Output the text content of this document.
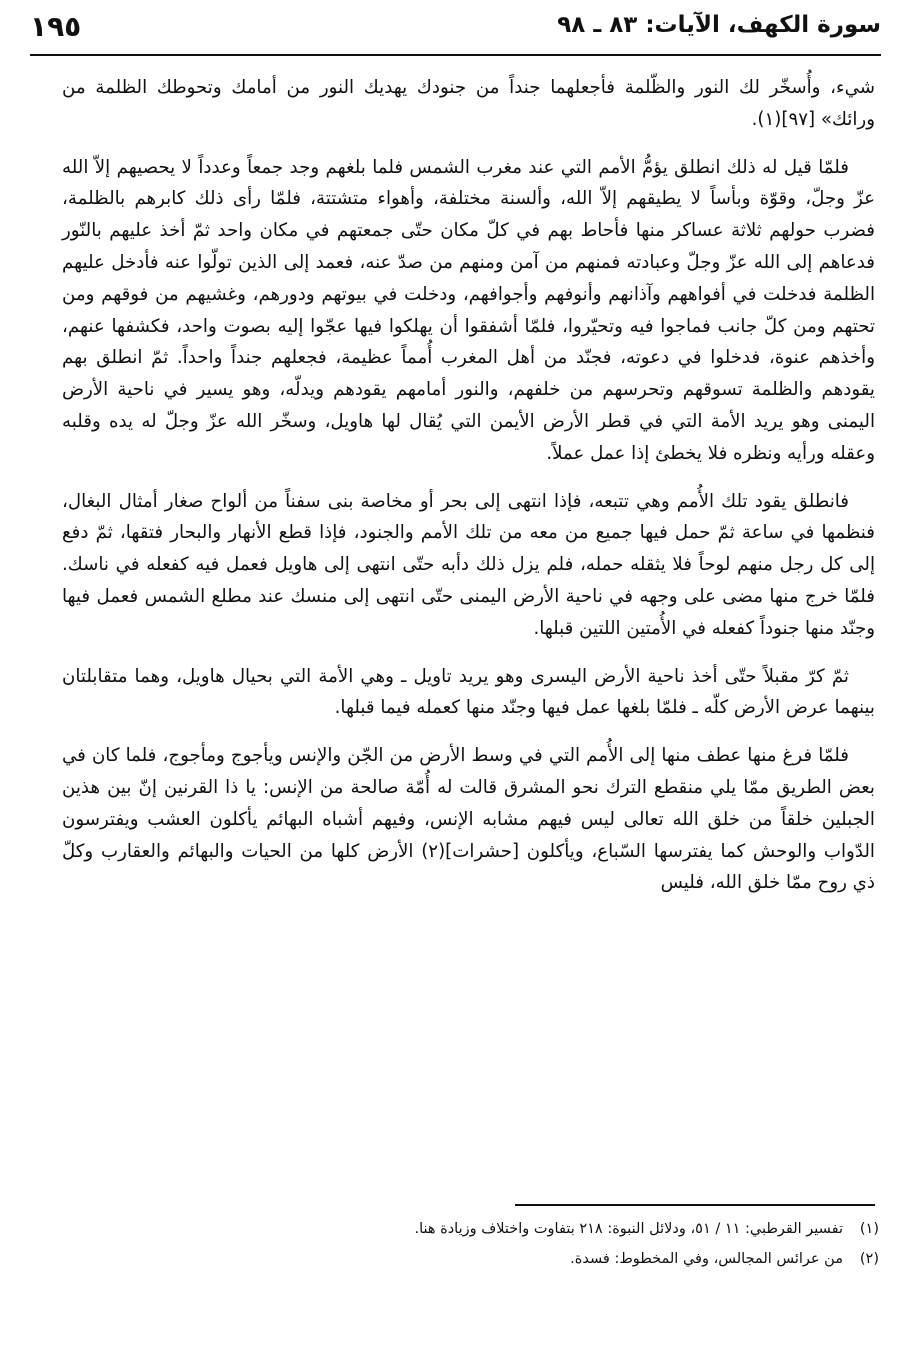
سورة الكهف، الآيات: ٨٣ ـ ٩٨
١٩٥

شيء، وأُسخّر لك النور والظّلمة فأجعلهما جنداً من جنودك يهديك النور من أمامك وتحوطك الظلمة من ورائك» [٩٧](١).

فلمّا قيل له ذلك انطلق يؤمُّ الأمم التي عند مغرب الشمس فلما بلغهم وجد جمعاً وعدداً لا يحصيهم إلاّ الله عزّ وجلّ، وقوّة وبأساً لا يطيقهم إلاّ الله، وألسنة مختلفة، وأهواء متشتتة، فلمّا رأى ذلك كابرهم بالظلمة، فضرب حولهم ثلاثة عساكر منها فأحاط بهم في كلّ مكان حتّى جمعتهم في مكان واحد ثمّ أخذ عليهم بالنّور فدعاهم إلى الله عزّ وجلّ وعبادته فمنهم من آمن ومنهم من صدّ عنه، فعمد إلى الذين تولّوا عنه فأدخل عليهم الظلمة فدخلت في أفواههم وآذانهم وأنوفهم وأجوافهم، ودخلت في بيوتهم ودورهم، وغشيهم من فوقهم ومن تحتهم ومن كلّ جانب فماجوا فيه وتحيّروا، فلمّا أشفقوا أن يهلكوا فيها عجّوا إليه بصوت واحد، فكشفها عنهم، وأخذهم عنوة، فدخلوا في دعوته، فجنّد من أهل المغرب أُمماً عظيمة، فجعلهم جنداً واحداً. ثمّ انطلق بهم يقودهم والظلمة تسوقهم وتحرسهم من خلفهم، والنور أمامهم يقودهم ويدلّه، وهو يسير في ناحية الأرض اليمنى وهو يريد الأمة التي في قطر الأرض الأيمن التي يُقال لها هاويل، وسخّر الله عزّ وجلّ له يده وقلبه وعقله ورأيه ونظره فلا يخطئ إذا عمل عملاً.

فانطلق يقود تلك الأُمم وهي تتبعه، فإذا انتهى إلى بحر أو مخاصة بنى سفناً من ألواح صغار أمثال البغال، فنظمها في ساعة ثمّ حمل فيها جميع من معه من تلك الأمم والجنود، فإذا قطع الأنهار والبحار فتقها، ثمّ دفع إلى كل رجل منهم لوحاً فلا يثقله حمله، فلم يزل ذلك دأبه حتّى انتهى إلى هاويل فعمل فيه كفعله في ناسك. فلمّا خرج منها مضى على وجهه في ناحية الأرض اليمنى حتّى انتهى إلى منسك عند مطلع الشمس فعمل فيها وجنّد منها جنوداً كفعله في الأُمتين اللتين قبلها.

ثمّ كرّ مقبلاً حتّى أخذ ناحية الأرض اليسرى وهو يريد تاويل ـ وهي الأمة التي بحيال هاويل، وهما متقابلتان بينهما عرض الأرض كلّه ـ فلمّا بلغها عمل فيها وجنّد منها كعمله فيما قبلها.

فلمّا فرغ منها عطف منها إلى الأُمم التي في وسط الأرض من الجّن والإنس ويأجوج ومأجوج، فلما كان في بعض الطريق ممّا يلي منقطع الترك نحو المشرق قالت له أُمّة صالحة من الإنس: يا ذا القرنين إنّ بين هذين الجبلين خلقاً من خلق الله تعالى ليس فيهم مشابه الإنس، وفيهم أشباه البهائم يأكلون العشب ويفترسون الدّواب والوحش كما يفترسها السّباع، ويأكلون [حشرات](٢) الأرض كلها من الحيات والبهائم والعقارب وكلّ ذي روح ممّا خلق الله، فليس

(١)
تفسير القرطبي: ١١ / ٥١، ودلائل النبوة: ٢١٨ بتفاوت واختلاف وزيادة هنا.
(٢)
من عرائس المجالس، وفي المخطوط: فسدة.
